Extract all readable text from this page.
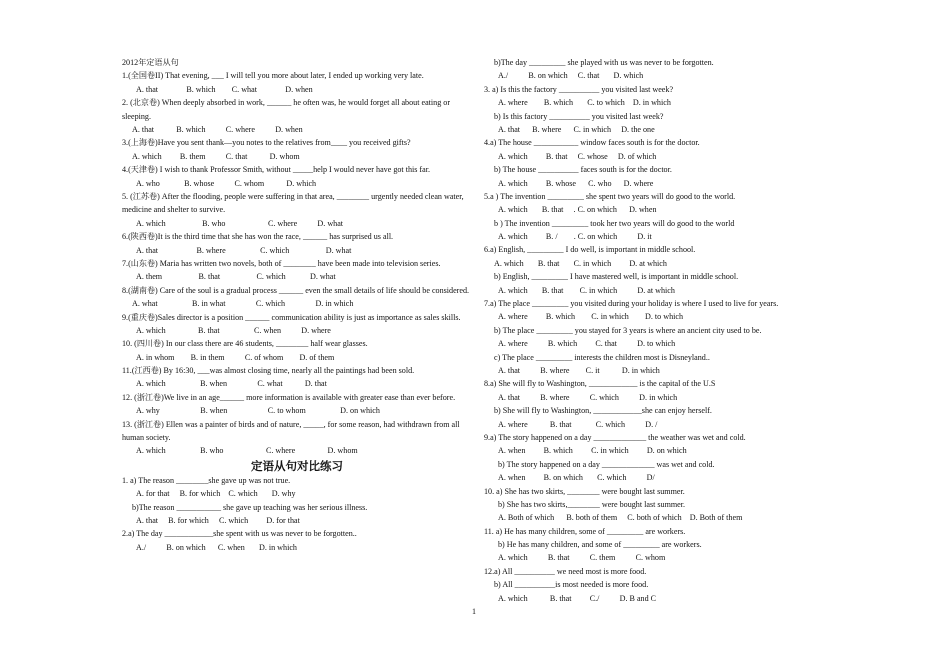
2012年定语从句
1.(全国卷II) That evening, ___ I will tell you more about later, I ended up working very late.
A. that              B. which        C. what              D. when
2. (北京卷) When deeply absorbed in work, ______ he often was, he would forget all about eating or sleeping.
A. that           B. which          C. where          D. when
3.(上海卷)Have you sent thank—you notes to the relatives from____ you received gifts?
A. which         B. them          C. that           D. whom
4.(天津卷) I wish to thank Professor Smith, without _____help I would never have got this far.
A. who            B. whose          C. whom           D. which
5. (江苏卷) After the flooding, people were suffering in that area, ________ urgently needed clean water, medicine and shelter to survive.
A. which                  B. who                     C. where          D. what
6.(陕西卷)It is the third time that she has won the race, ______ has surprised us all.
A. that                   B. where                 C. which                  D. what
7.(山东卷) Maria has written two novels, both of ________ have been made into television series.
A. them                  B. that                  C. which            D. what
8.(湖南卷) Care of the soul is a gradual process ______ even the small details of life should be considered.
A. what                 B. in what               C. which               D. in which
9.(重庆卷)Sales director is a position ______ communication ability is just as importance as sales skills.
A. which                B. that                 C. when          D. where
10. (四川卷) In our class there are 46 students, ________ half wear glasses.
A. in whom        B. in them          C. of whom        D. of them
11.(江西卷) By 16:30, ___was almost closing time, nearly all the paintings had been sold.
A. which                 B. when               C. what           D. that
12. (浙江卷)We live in an age______ more information is available with greater ease than ever before.
A. why                    B. when                    C. to whom                 D. on which
13. (浙江卷) Ellen was a painter of birds and of nature, _____, for some reason, had withdrawn from all human society.
A. which                 B. who                     C. where                D. whom
定语从句对比练习
1. a) The reason ________she gave up was not true.
A. for that     B. for which    C. which       D. why
b)The reason ___________ she gave up teaching was her serious illness.
A. that     B. for which     C. which         D. for that
2.a) The day ____________she spent with us was never to be forgotten..
A./          B. on which      C. when       D. in which
b)The day _________ she played with us was never to be forgotten.
A./          B. on which     C. that       D. which
3. a) Is this the factory __________ you visited last week?
A. where        B. which       C. to which    D. in which
b) Is this factory __________ you visited last week?
A. that      B. where      C. in which     D. the one
4.a) The house ___________ window faces south is for the doctor.
A. which         B. that     C. whose     D. of which
b) The house __________ faces south is for the doctor.
A. which         B. whose      C. who      D. where
5.a ) The invention _________ she spent two years will do good to the world.
A. which       B. that     . C. on which      D. when
b ) The invention _________ took her two years will do good to the world
A. which         B. /        . C. on which          D. it
6.a) English, _________ I do well, is important in middle school.
A. which       B. that       C. in which         D. at which
b) English, _________ I have mastered well, is important in middle school.
A. which       B. that        C. in which          D. at which
7.a) The place _________ you visited during your holiday is where I used to live for years.
A. where         B. which        C. in which        D. to which
b) The place _________ you stayed for 3 years is where an ancient city used to be.
A. where          B. which         C. that          D. to which
c) The place _________ interests the children most is Disneyland..
A. that          B. where        C. it           D. in which
8.a) She will fly to Washington, ____________ is the capital of the U.S
A. that          B. where          C. which          D. in which
b) She will fly to Washington, ____________she can enjoy herself.
A. where           B. that            C. which          D. /
9.a) The story happened on a day _____________ the weather was wet and cold.
A. when         B. which         C. in which         D. on which
b) The story happened on a day _____________ was wet and cold.
A. when         B. on which       C. which          D/
10. a) She has two skirts, ________ were bought last summer.
b) She has two skirts,________ were bought last summer.
A. Both of which      B. both of them     C. both of which    D. Both of them
11. a) He has many children, some of _________ are workers.
b) He has many children, and some of _________ are workers.
A. which          B. that          C. them          C. whom
12.a) All __________ we need most is more food.
b) All __________is most needed is more food.
A. which           B. that         C./          D. B and C
1
